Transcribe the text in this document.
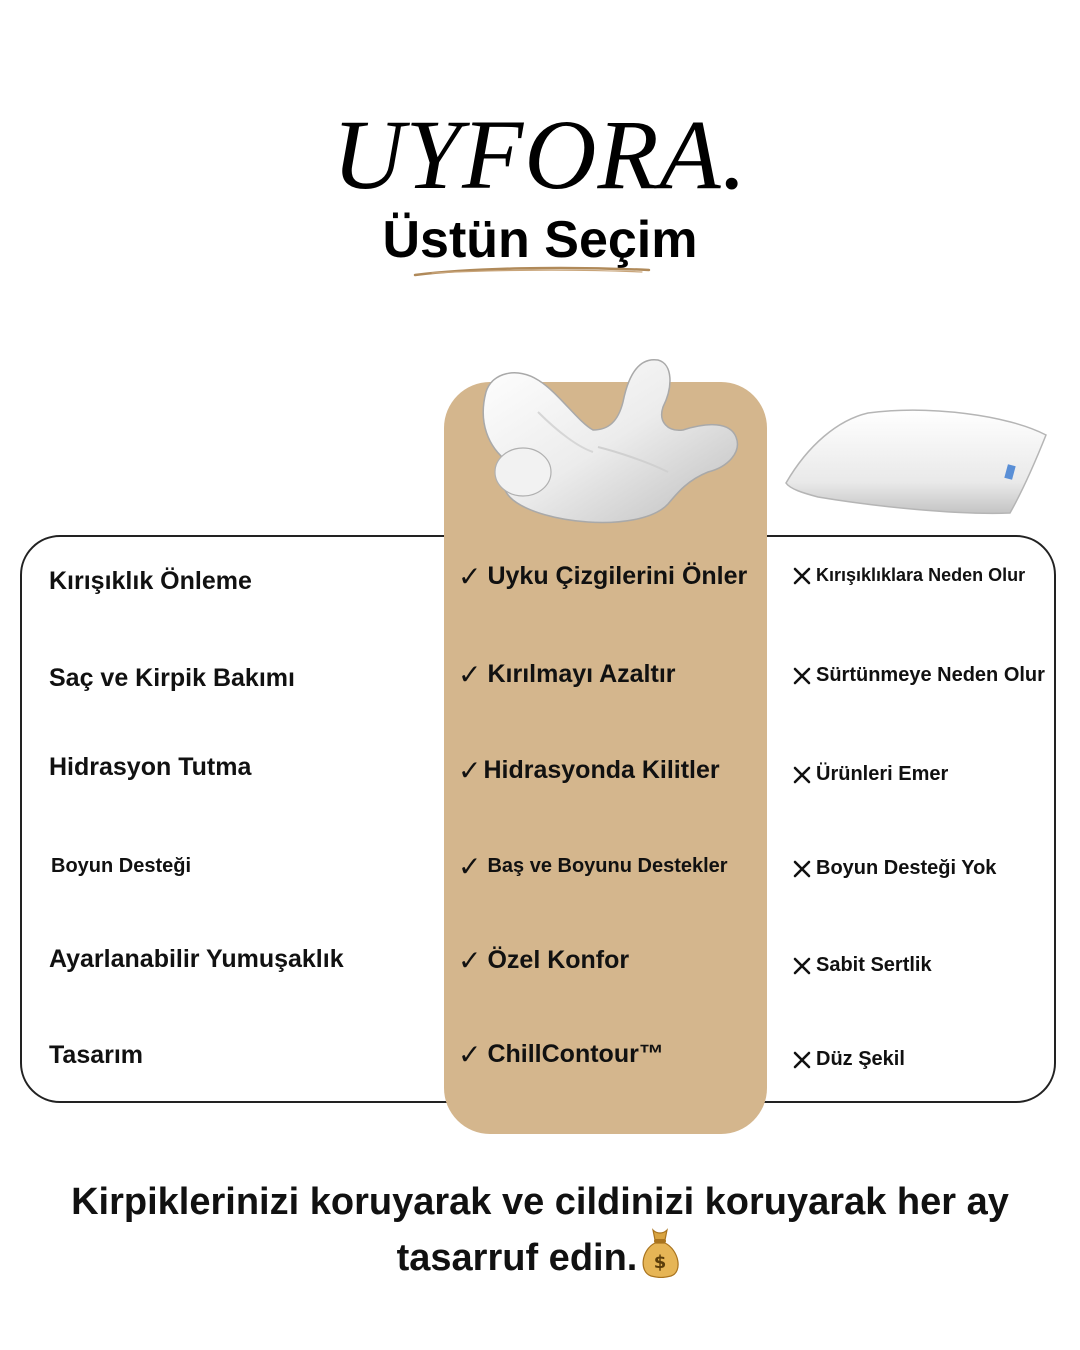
UYFORA.
Üstün Seçim
Kırışıklık Önleme	✓ Uyku Çizgilerini Önler	Kırışıklıklara Neden Olur
Saç ve Kirpik Bakımı	✓ Kırılmayı Azaltır	Sürtünmeye Neden Olur
Hidrasyon Tutma	✓ Hidrasyonda Kilitler	Ürünleri Emer
Boyun Desteği	✓ Baş ve Boyunu Destekler	Boyun Desteği Yok
Ayarlanabilir Yumuşaklık	✓ Özel Konfor	Sabit Sertlik
Tasarım	✓ ChillContour™	Düz Şekil
Kirpiklerinizi koruyarak ve cildinizi koruyarak her ay tasarruf edin. $
